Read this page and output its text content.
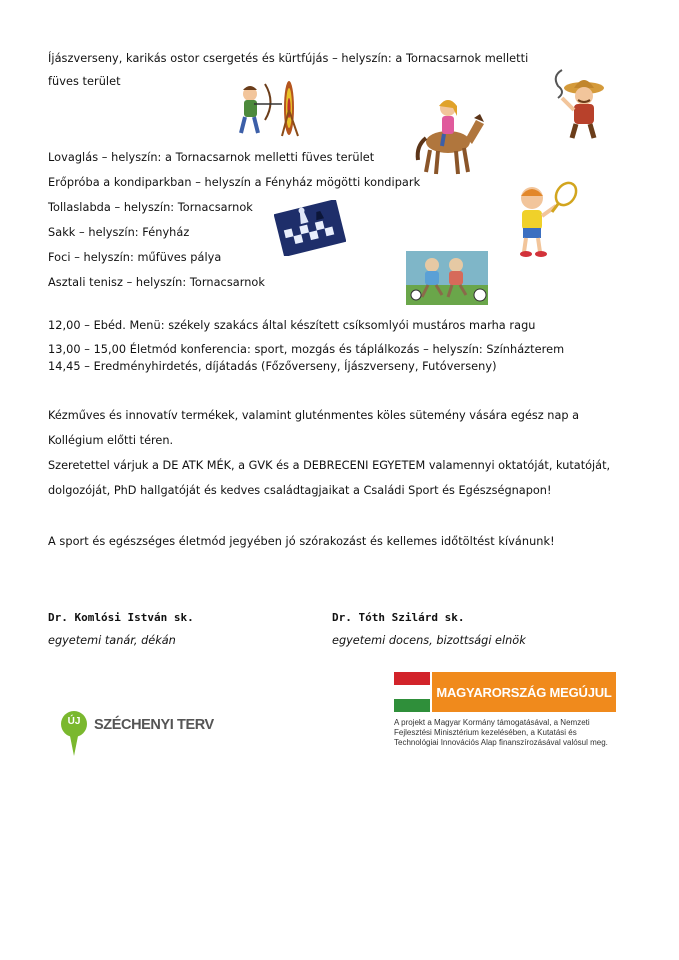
Íjászverseny, karikás ostor csergetés és kürtfújás – helyszín: a Tornacsarnok melletti
füves terület
Lovaglás – helyszín: a Tornacsarnok melletti füves terület
Erőpróba a kondiparkban – helyszín a Fényház mögötti kondipark
Tollaslabda – helyszín: Tornacsarnok
Sakk – helyszín: Fényház
Foci – helyszín: műfüves pálya
Asztali tenisz – helyszín: Tornacsarnok
12,00 – Ebéd. Menü: székely szakács által készített csíksomlyói mustáros marha ragu
13,00 – 15,00 Életmód konferencia: sport, mozgás és táplálkozás – helyszín: Színházterem
14,45 – Eredményhirdetés, díjátadás (Főzőverseny, Íjászverseny, Futóverseny)
Kézműves és innovatív termékek, valamint gluténmentes köles sütemény vására egész nap a Kollégium előtti téren.
Szeretettel várjuk a DE ATK MÉK, a GVK és a DEBRECENI EGYETEM valamennyi oktatóját, kutatóját, dolgozóját, PhD hallgatóját és kedves családtagjaikat a Családi Sport és Egészségnapon!
A sport és egészséges életmód jegyében jó szórakozást és kellemes időtöltést kívánunk!
Dr. Komlósi István sk.
egyetemi tanár, dékán
Dr. Tóth Szilárd sk.
egyetemi docens, bizottsági elnök
ÚJ SZÉCHENYI TERV
MAGYARORSZÁG MEGÚJUL
A projekt a Magyar Kormány támogatásával, a Nemzeti
Fejlesztési Minisztérium kezelésében, a Kutatási és
Technológiai Innovációs Alap finanszírozásával valósul meg.
